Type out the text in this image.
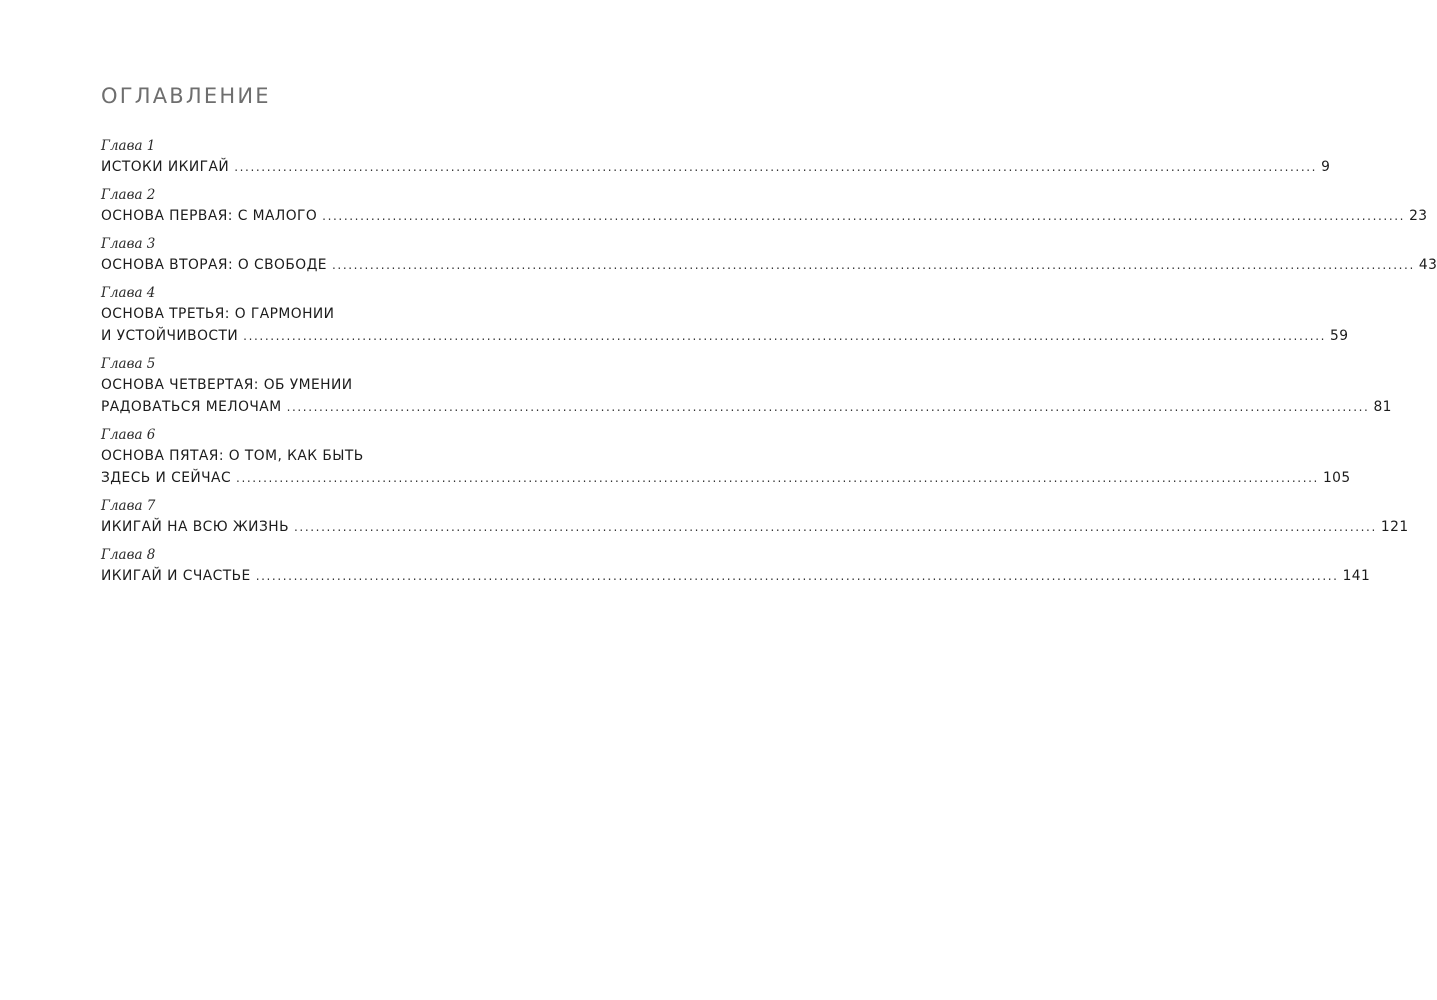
ОГЛАВЛЕНИЕ
Глава 1
ИСТОКИ ИКИГАЙ ........................................................................................................................................................................................................ 9
Глава 2
ОСНОВА ПЕРВАЯ: С МАЛОГО ........................................................................................................................................................................................................ 23
Глава 3
ОСНОВА ВТОРАЯ: О СВОБОДЕ ........................................................................................................................................................................................................ 43
Глава 4
ОСНОВА ТРЕТЬЯ: О ГАРМОНИИ
И УСТОЙЧИВОСТИ ........................................................................................................................................................................................................ 59
Глава 5
ОСНОВА ЧЕТВЕРТАЯ: ОБ УМЕНИИ
РАДОВАТЬСЯ МЕЛОЧАМ ........................................................................................................................................................................................................ 81
Глава 6
ОСНОВА ПЯТАЯ: О ТОМ, КАК БЫТЬ
ЗДЕСЬ И СЕЙЧАС ........................................................................................................................................................................................................ 105
Глава 7
ИКИГАЙ НА ВСЮ ЖИЗНЬ ........................................................................................................................................................................................................ 121
Глава 8
ИКИГАЙ И СЧАСТЬЕ ........................................................................................................................................................................................................ 141
